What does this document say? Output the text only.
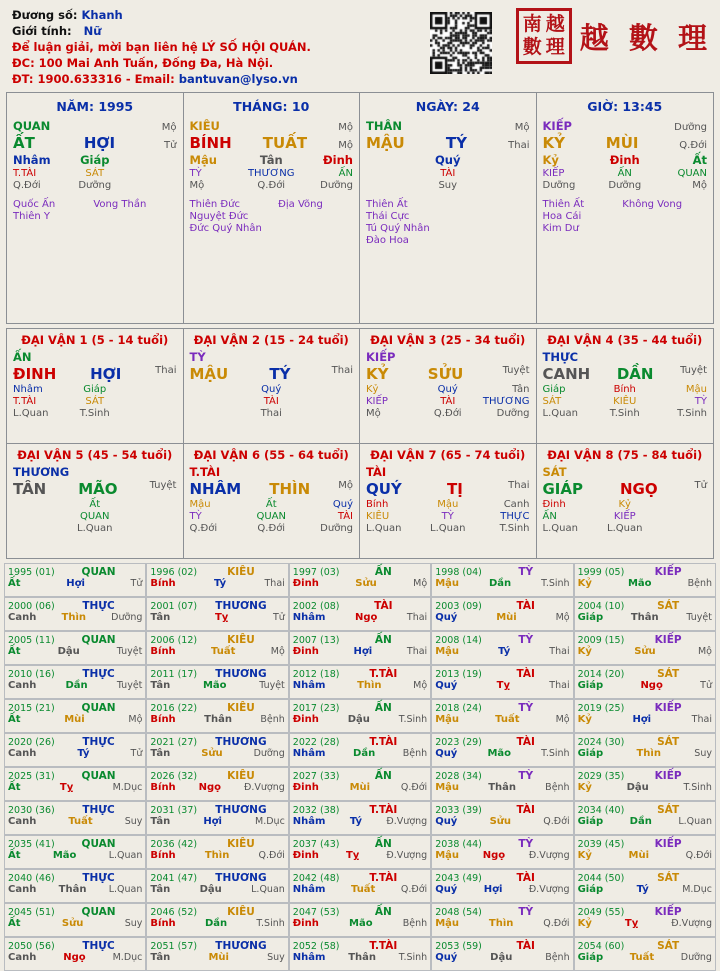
Đương số: Khanh
Giới tính: Nữ
Để luận giải, mời bạn liên hệ LÝ SỐ HỘI QUÁN.
ĐC: 100 Mai Anh Tuấn, Đống Đa, Hà Nội.
ĐT: 1900.633316 - Email: bantuvan@lyso.vn
南 越
數 理 越 數 理
NĂM: 1995
QUAN	Mộ
ẤT	HỢI	Tử
Nhâm	Giáp
T.TÀI	SÁT
Q.Đới	Dưỡng
Quốc Ấn            Vong Thần
Thiên Y
THÁNG: 10
KIÊU	Mộ
BÍNH TUẤT	Mộ
Mậu	Tân	Đinh
TỲ	THƯƠNG	ẤN
Mộ	Q.Đới	Dưỡng
Thiên Đức            Địa Võng
Nguyệt Đức
Đức Quý Nhân
NGÀY: 24
THÂN	Mộ
MẬU	TÝ	Thai
Quý
TÀI
Suy
Thiên Ất
Thái Cực
Tú Quý Nhân
Đào Hoa
GIỜ: 13:45
KIẾP	Dưỡng
KỶ	MÙI	Q.Đới
Kỷ	Đinh	Ất
KIẾP	ẤN	QUAN
Dưỡng	Dưỡng	Mộ
Thiên Ất            Không Vong
Hoa Cái
Kim Dư
ĐẠI VẬN 1 (5 - 14 tuổi)
ẤN
ĐINH HỢI	Thai
Nhâm	Giáp
T.TÀI	SÁT
L.Quan	T.Sinh
ĐẠI VẬN 2 (15 - 24 tuổi)
TỲ
MẬU	TÝ	Thai
Quý
TÀI
Thai
ĐẠI VẬN 3 (25 - 34 tuổi)
KIẾP
KỶ	SỬU	Tuyệt
Kỷ	Quý	Tân
KIẾP	TÀI	THƯƠNG
Mộ	Q.Đới	Dưỡng
ĐẠI VẬN 4 (35 - 44 tuổi)
THỰC
CANH DẦN	Tuyệt
Giáp	Bính	Mậu
SÁT	KIÊU	TỲ
L.Quan	T.Sinh	T.Sinh
ĐẠI VẬN 5 (45 - 54 tuổi)
THƯƠNG
TÂN MÃO	Tuyệt
Ất
QUAN
L.Quan
ĐẠI VẬN 6 (55 - 64 tuổi)
T.TÀI
NHÂM THÌN	Mộ
Mậu	Ất	Quý
TỲ	QUAN	TÀI
Q.Đới	Q.Đới	Dưỡng
ĐẠI VẬN 7 (65 - 74 tuổi)
TÀI
QUÝ	TỊ	Thai
Bính	Mậu	Canh
KIÊU	TỲ	THỰC
L.Quan	L.Quan	T.Sinh
ĐẠI VẬN 8 (75 - 84 tuổi)
SÁT
GIÁP NGỌ	Tử
Đinh	Kỷ
ẤN	KIẾP
L.Quan	L.Quan
1995 (01)	QUAN
Ất	Hợi	Tử
1996 (02)	KIÊU
Bính	Tý	Thai
1997 (03)	ẤN
Đinh	Sửu	Mộ
1998 (04)	TỲ
Mậu	Dần	T.Sinh
1999 (05)	KIẾP
Kỷ	Mão	Bệnh
2000 (06)	THỰC
Canh	Thìn	Dưỡng
2001 (07) THƯƠNG
Tân	Tỵ	Tử
2002 (08)	TÀI
Nhâm	Ngọ	Thai
2003 (09)	TÀI
Quý	Mùi	Mộ
2004 (10)	SÁT
Giáp	Thân	Tuyệt
2005 (11)	QUAN
Ất	Dậu	Tuyệt
2006 (12)	KIÊU
Bính	Tuất	Mộ
2007 (13)	ẤN
Đinh	Hợi	Thai
2008 (14)	TỲ
Mậu	Tý	Thai
2009 (15)	KIẾP
Kỷ	Sửu	Mộ
2010 (16)	THỰC
Canh	Dần	Tuyệt
2011 (17) THƯƠNG
Tân	Mão	Tuyệt
2012 (18)	T.TÀI
Nhâm	Thìn	Mộ
2013 (19)	TÀI
Quý	Tỵ	Thai
2014 (20)	SÁT
Giáp	Ngọ	Tử
2015 (21)	QUAN
Ất	Mùi	Mộ
2016 (22)	KIÊU
Bính	Thân	Bệnh
2017 (23)	ẤN
Đinh	Dậu	T.Sinh
2018 (24)	TỲ
Mậu	Tuất	Mộ
2019 (25)	KIẾP
Kỷ	Hợi	Thai
2020 (26)	THỰC
Canh	Tý	Tử
2021 (27) THƯƠNG
Tân	Sửu	Dưỡng
2022 (28)	T.TÀI
Nhâm	Dần	Bệnh
2023 (29)	TÀI
Quý	Mão	T.Sinh
2024 (30)	SÁT
Giáp	Thìn	Suy
2025 (31)	QUAN
Ất	Tỵ	M.Dục
2026 (32)	KIÊU
Bính Ngọ Đ.Vượng
2027 (33)	ẤN
Đinh	Mùi	Q.Đới
2028 (34)	TỲ
Mậu	Thân	Bệnh
2029 (35)	KIẾP
Kỷ	Dậu	T.Sinh
2030 (36)	THỰC
Canh	Tuất	Suy
2031 (37) THƯƠNG
Tân	Hợi	M.Dục
2032 (38)	T.TÀI
Nhâm Tý	Đ.Vượng
2033 (39)	TÀI
Quý	Sửu	Q.Đới
2034 (40)	SÁT
Giáp	Dần	L.Quan
2035 (41)	QUAN
Ất	Mão	L.Quan
2036 (42)	KIÊU
Bính	Thìn	Q.Đới
2037 (43)	ẤN
Đinh	Tỵ	Đ.Vượng
2038 (44)	TỲ
Mậu Ngọ Đ.Vượng
2039 (45)	KIẾP
Kỷ	Mùi	Q.Đới
2040 (46)	THỰC
Canh Thân L.Quan
2041 (47) THƯƠNG
Tân	Dậu	L.Quan
2042 (48)	T.TÀI
Nhâm	Tuất	Q.Đới
2043 (49)	TÀI
Quý	Hợi	Đ.Vượng
2044 (50)	SÁT
Giáp	Tý	M.Dục
2045 (51)	QUAN
Ất	Sửu	Suy
2046 (52)	KIÊU
Bính	Dần	T.Sinh
2047 (53)	ẤN
Đinh	Mão	Bệnh
2048 (54)	TỲ
Mậu	Thìn	Q.Đới
2049 (55)	KIẾP
Kỷ	Tỵ	Đ.Vượng
2050 (56)	THỰC
Canh	Ngọ	M.Dục
2051 (57) THƯƠNG
Tân	Mùi	Suy
2052 (58)	T.TÀI
Nhâm Thân T.Sinh
2053 (59)	TÀI
Quý	Dậu	Bệnh
2054 (60)	SÁT
Giáp	Tuất	Dưỡng
